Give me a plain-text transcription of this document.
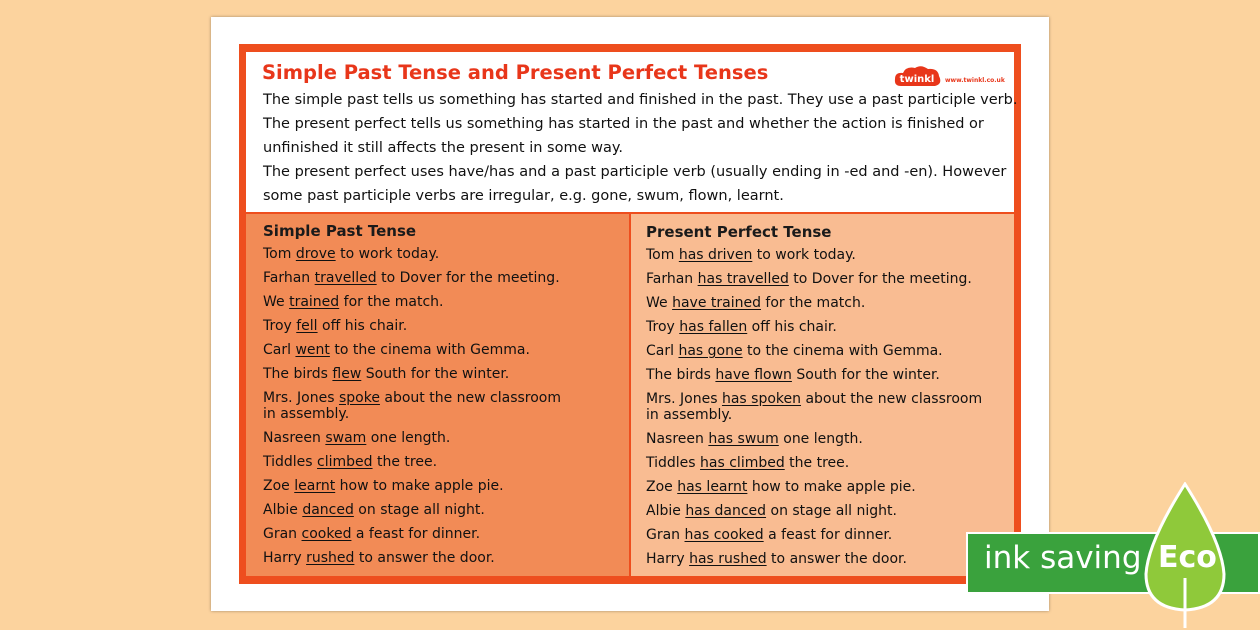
Simple Past Tense and Present Perfect Tenses	twinkl www.twinkl.co.uk
The simple past tells us something has started and finished in the past. They use a past participle verb.
The present perfect tells us something has started in the past and whether the action is finished or
unfinished it still affects the present in some way.
The present perfect uses have/has and a past participle verb (usually ending in -ed and -en). However
some past participle verbs are irregular, e.g. gone, swum, flown, learnt.
Simple Past Tense	Present Perfect Tense
Tom drove to work today.
Farhan travelled to Dover for the meeting.
We trained for the match.
Troy fell off his chair.
Carl went to the cinema with Gemma.
The birds flew South for the winter.
Mrs. Jones spoke about the new classroom
in assembly.
Nasreen swam one length.
Tiddles climbed the tree.
Zoe learnt how to make apple pie.
Albie danced on stage all night.
Gran cooked a feast for dinner.
Harry rushed to answer the door.
Tom has driven to work today.
Farhan has travelled to Dover for the meeting.
We have trained for the match.
Troy has fallen off his chair.
Carl has gone to the cinema with Gemma.
The birds have flown South for the winter.
Mrs. Jones has spoken about the new classroom
in assembly.
Nasreen has swum one length.
Tiddles has climbed the tree.
Zoe has learnt how to make apple pie.
Albie has danced on stage all night.
Gran has cooked a feast for dinner.
Harry has rushed to answer the door. ink saving Eco
